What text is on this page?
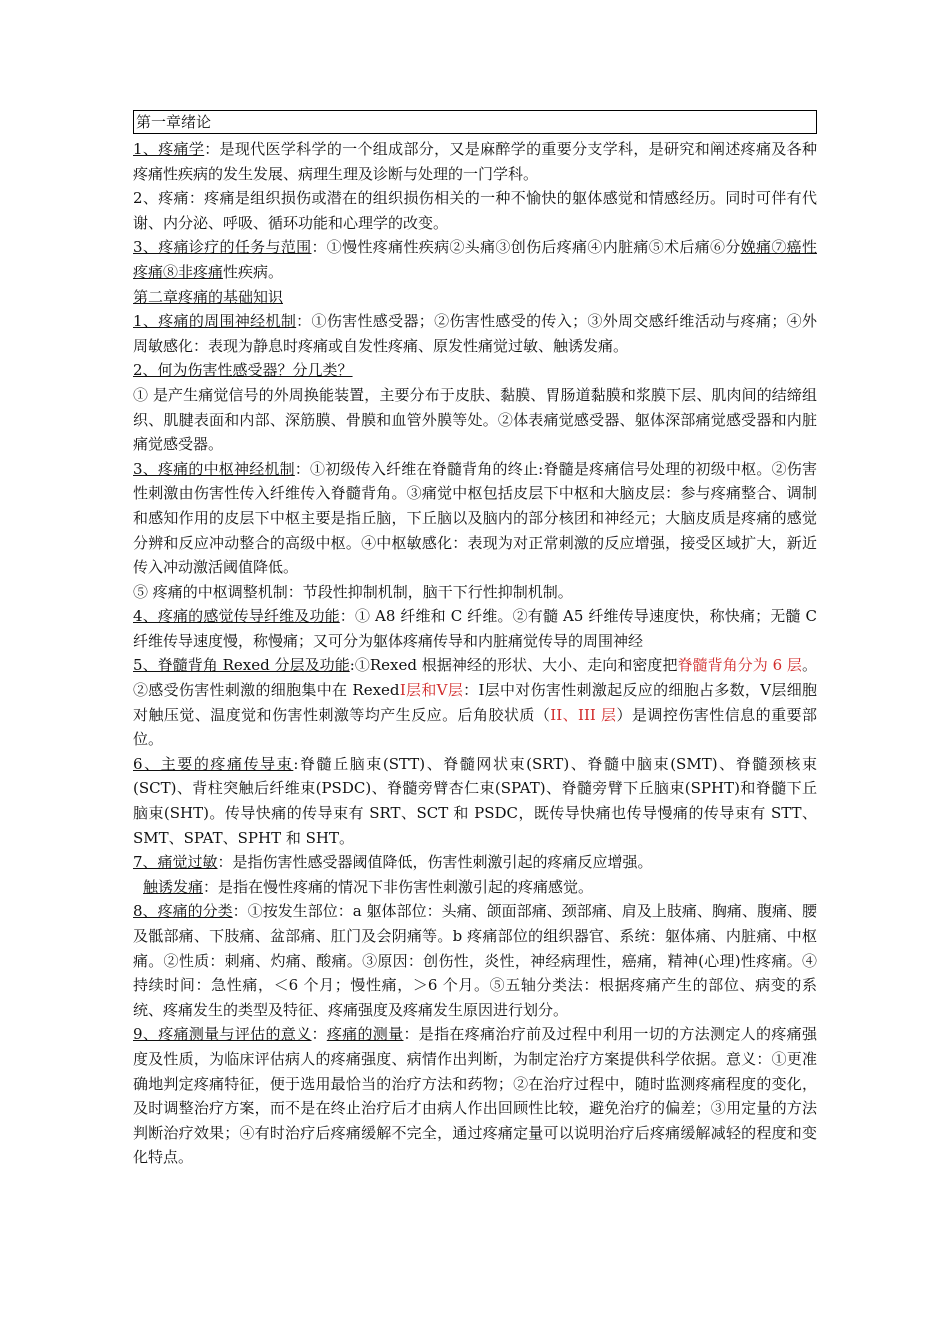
第一章绪论

1、疼痛学：是现代医学科学的一个组成部分，又是麻醉学的重要分支学科，是研究和阐述疼痛及各种疼痛性疾病的发生发展、病理生理及诊断与处理的一门学科。

2、疼痛：疼痛是组织损伤或潜在的组织损伤相关的一种不愉快的躯体感觉和情感经历。同时可伴有代谢、内分泌、呼吸、循环功能和心理学的改变。

3、疼痛诊疗的任务与范围：①慢性疼痛性疾病②头痛③创伤后疼痛④内脏痛⑤术后痛⑥分娩痛⑦癌性疼痛⑧非疼痛性疾病。

第二章疼痛的基础知识

1、疼痛的周围神经机制：①伤害性感受器；②伤害性感受的传入；③外周交感纤维活动与疼痛；④外周敏感化：表现为静息时疼痛或自发性疼痛、原发性痛觉过敏、触诱发痛。

2、何为伤害性感受器？分几类？

① 是产生痛觉信号的外周换能装置，主要分布于皮肤、黏膜、胃肠道黏膜和浆膜下层、肌肉间的结缔组织、肌腱表面和内部、深筋膜、骨膜和血管外膜等处。②体表痛觉感受器、躯体深部痛觉感受器和内脏痛觉感受器。

3、疼痛的中枢神经机制：①初级传入纤维在脊髓背角的终止:脊髓是疼痛信号处理的初级中枢。②伤害性刺激由伤害性传入纤维传入脊髓背角。③痛觉中枢包括皮层下中枢和大脑皮层：参与疼痛整合、调制和感知作用的皮层下中枢主要是指丘脑，下丘脑以及脑内的部分核团和神经元；大脑皮质是疼痛的感觉分辨和反应冲动整合的高级中枢。④中枢敏感化：表现为对正常刺激的反应增强，接受区域扩大，新近传入冲动激活阈值降低。

⑤ 疼痛的中枢调整机制：节段性抑制机制，脑干下行性抑制机制。

4、疼痛的感觉传导纤维及功能：① A8 纤维和 C 纤维。②有髓 A5 纤维传导速度快，称快痛；无髓 C 纤维传导速度慢，称慢痛；又可分为躯体疼痛传导和内脏痛觉传导的周围神经

5、脊髓背角 Rexed 分层及功能:①Rexed 根据神经的形状、大小、走向和密度把脊髓背角分为 6 层。②感受伤害性刺激的细胞集中在 RexedⅠ层和Ⅴ层：Ⅰ层中对伤害性刺激起反应的细胞占多数，Ⅴ层细胞对触压觉、温度觉和伤害性刺激等均产生反应。后角胶状质（II、III 层）是调控伤害性信息的重要部位。

6、主要的疼痛传导束:脊髓丘脑束(STT)、脊髓网状束(SRT)、脊髓中脑束(SMT)、脊髓颈核束(SCT)、背柱突触后纤维束(PSDC)、脊髓旁臂杏仁束(SPAT)、脊髓旁臂下丘脑束(SPHT)和脊髓下丘脑束(SHT)。传导快痛的传导束有 SRT、SCT 和 PSDC，既传导快痛也传导慢痛的传导束有 STT、SMT、SPAT、SPHT 和 SHT。

7、痛觉过敏：是指伤害性感受器阈值降低，伤害性刺激引起的疼痛反应增强。

触诱发痛：是指在慢性疼痛的情况下非伤害性刺激引起的疼痛感觉。

8、疼痛的分类：①按发生部位：a 躯体部位：头痛、颌面部痛、颈部痛、肩及上肢痛、胸痛、腹痛、腰及骶部痛、下肢痛、盆部痛、肛门及会阴痛等。b 疼痛部位的组织器官、系统：躯体痛、内脏痛、中枢痛。②性质：刺痛、灼痛、酸痛。③原因：创伤性，炎性，神经病理性，癌痛，精神(心理)性疼痛。④持续时间：急性痛，＜6 个月；慢性痛，＞6 个月。⑤五轴分类法：根据疼痛产生的部位、病变的系统、疼痛发生的类型及特征、疼痛强度及疼痛发生原因进行划分。

9、疼痛测量与评估的意义：疼痛的测量：是指在疼痛治疗前及过程中利用一切的方法测定人的疼痛强度及性质，为临床评估病人的疼痛强度、病情作出判断，为制定治疗方案提供科学依据。意义：①更准确地判定疼痛特征，便于选用最恰当的治疗方法和药物；②在治疗过程中，随时监测疼痛程度的变化，及时调整治疗方案，而不是在终止治疗后才由病人作出回顾性比较，避免治疗的偏差；③用定量的方法判断治疗效果；④有时治疗后疼痛缓解不完全，通过疼痛定量可以说明治疗后疼痛缓解减轻的程度和变化特点。
